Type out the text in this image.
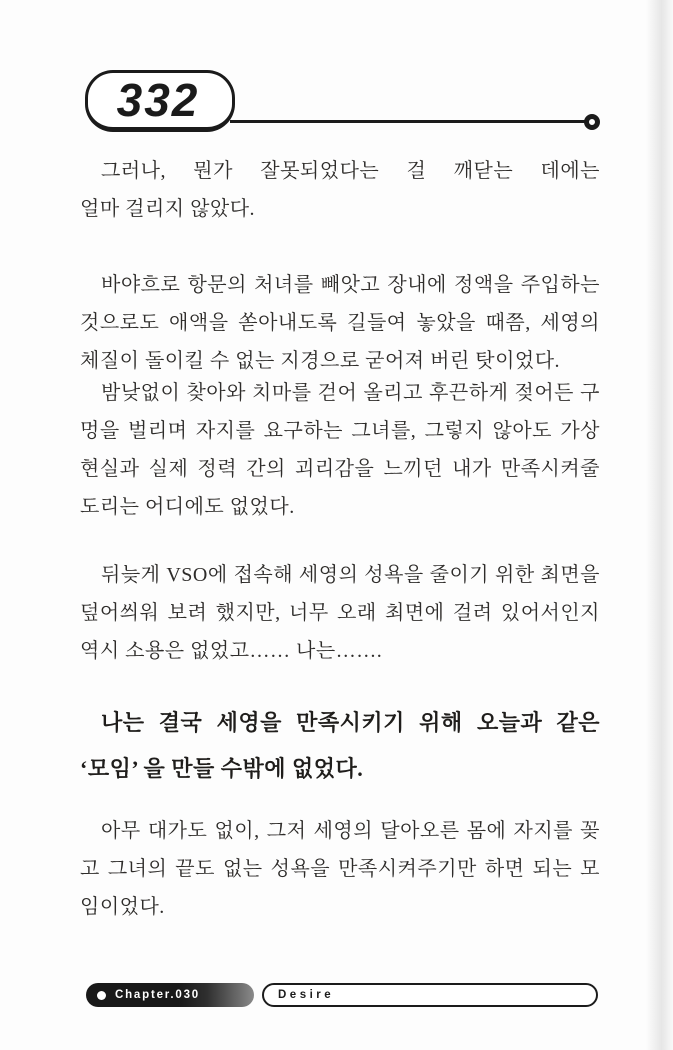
332
그러나, 뭔가 잘못되었다는 걸 깨닫는 데에는
얼마 걸리지 않았다.
바야흐로 항문의 처녀를 빼앗고 장내에 정액을 주입하는
것으로도 애액을 쏟아내도록 길들여 놓았을 때쯤, 세영의
체질이 돌이킬 수 없는 지경으로 굳어져 버린 탓이었다.
밤낮없이 찾아와 치마를 걷어 올리고 후끈하게 젖어든 구
멍을 벌리며 자지를 요구하는 그녀를, 그렇지 않아도 가상
현실과 실제 정력 간의 괴리감을 느끼던 내가 만족시켜줄
도리는 어디에도 없었다.
뒤늦게 VSO에 접속해 세영의 성욕을 줄이기 위한 최면을
덮어씌워 보려 했지만, 너무 오래 최면에 걸려 있어서인지
역시 소용은 없었고…… 나는…….
나는 결국 세영을 만족시키기 위해 오늘과 같은
‘모임’ 을 만들 수밖에 없었다.
아무 대가도 없이, 그저 세영의 달아오른 몸에 자지를 꽂
고 그녀의 끝도 없는 성욕을 만족시켜주기만 하면 되는 모
임이었다.
Chapter.030	Desire
